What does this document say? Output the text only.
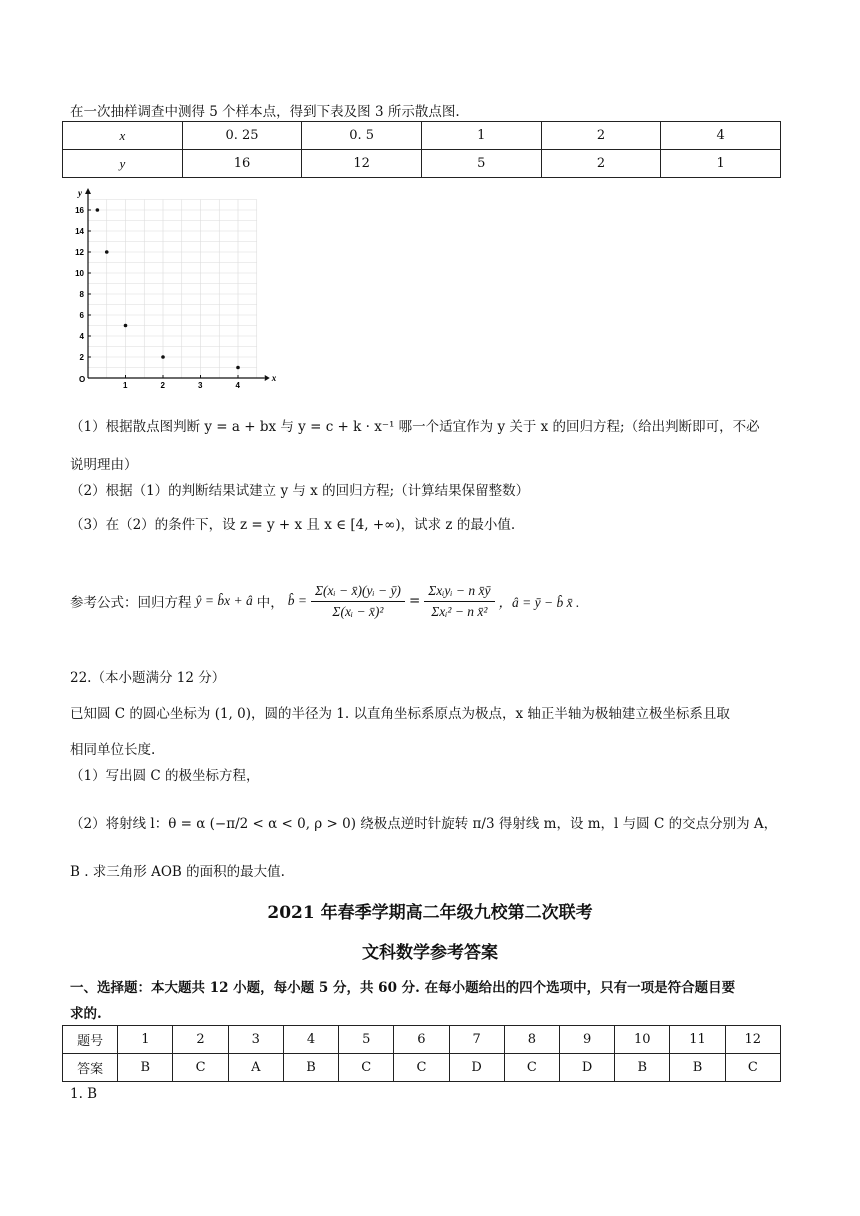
在一次抽样调查中测得 5 个样本点，得到下表及图 3 所示散点图.
x	0. 25	0. 5	1	2	4
y	16	12	5	2	1
x
y
O
1	2	3	4
2
4
6
8
10
12
14
16
（1）根据散点图判断 y = a + bx 与 y = c + k · x⁻¹ 哪一个适宜作为 y 关于 x 的回归方程;（给出判断即可，不必
说明理由）
（2）根据（1）的判断结果试建立 y 与 x 的回归方程;（计算结果保留整数）
（3）在（2）的条件下，设 z = y + x 且 x ∈ [4, +∞)，试求 z 的最小值.
参考公式：回归方程 ŷ = b̂x + â 中， b̂ = $\frac{\text{Σ(xᵢ − x̄)(yᵢ − ȳ)}}{\text{Σ(xᵢ − x̄)²}} = \frac{\text{Σxᵢyᵢ − n x̄ȳ}}{\text{Σxᵢ² − n x̄²}}$ ，â = ȳ − b̂ x̄ .
22.（本小题满分 12 分）
已知圆 C 的圆心坐标为 (1, 0)，圆的半径为 1. 以直角坐标系原点为极点，x 轴正半轴为极轴建立极坐标系且取
相同单位长度.
（1）写出圆 C 的极坐标方程，
（2）将射线 l：θ = α (−π/2 < α < 0, ρ > 0) 绕极点逆时针旋转 π/3 得射线 m，设 m，l 与圆 C 的交点分别为 A，
B . 求三角形 AOB 的面积的最大值.
2021 年春季学期高二年级九校第二次联考
文科数学参考答案
一、选择题：本大题共 12 小题，每小题 5 分，共 60 分. 在每小题给出的四个选项中，只有一项是符合题目要
求的.
题号	1	2	3	4	5	6	7	8	9	10	11	12
答案	B	C	A	B	C	C	D	C	D	B	B	C
1. B
